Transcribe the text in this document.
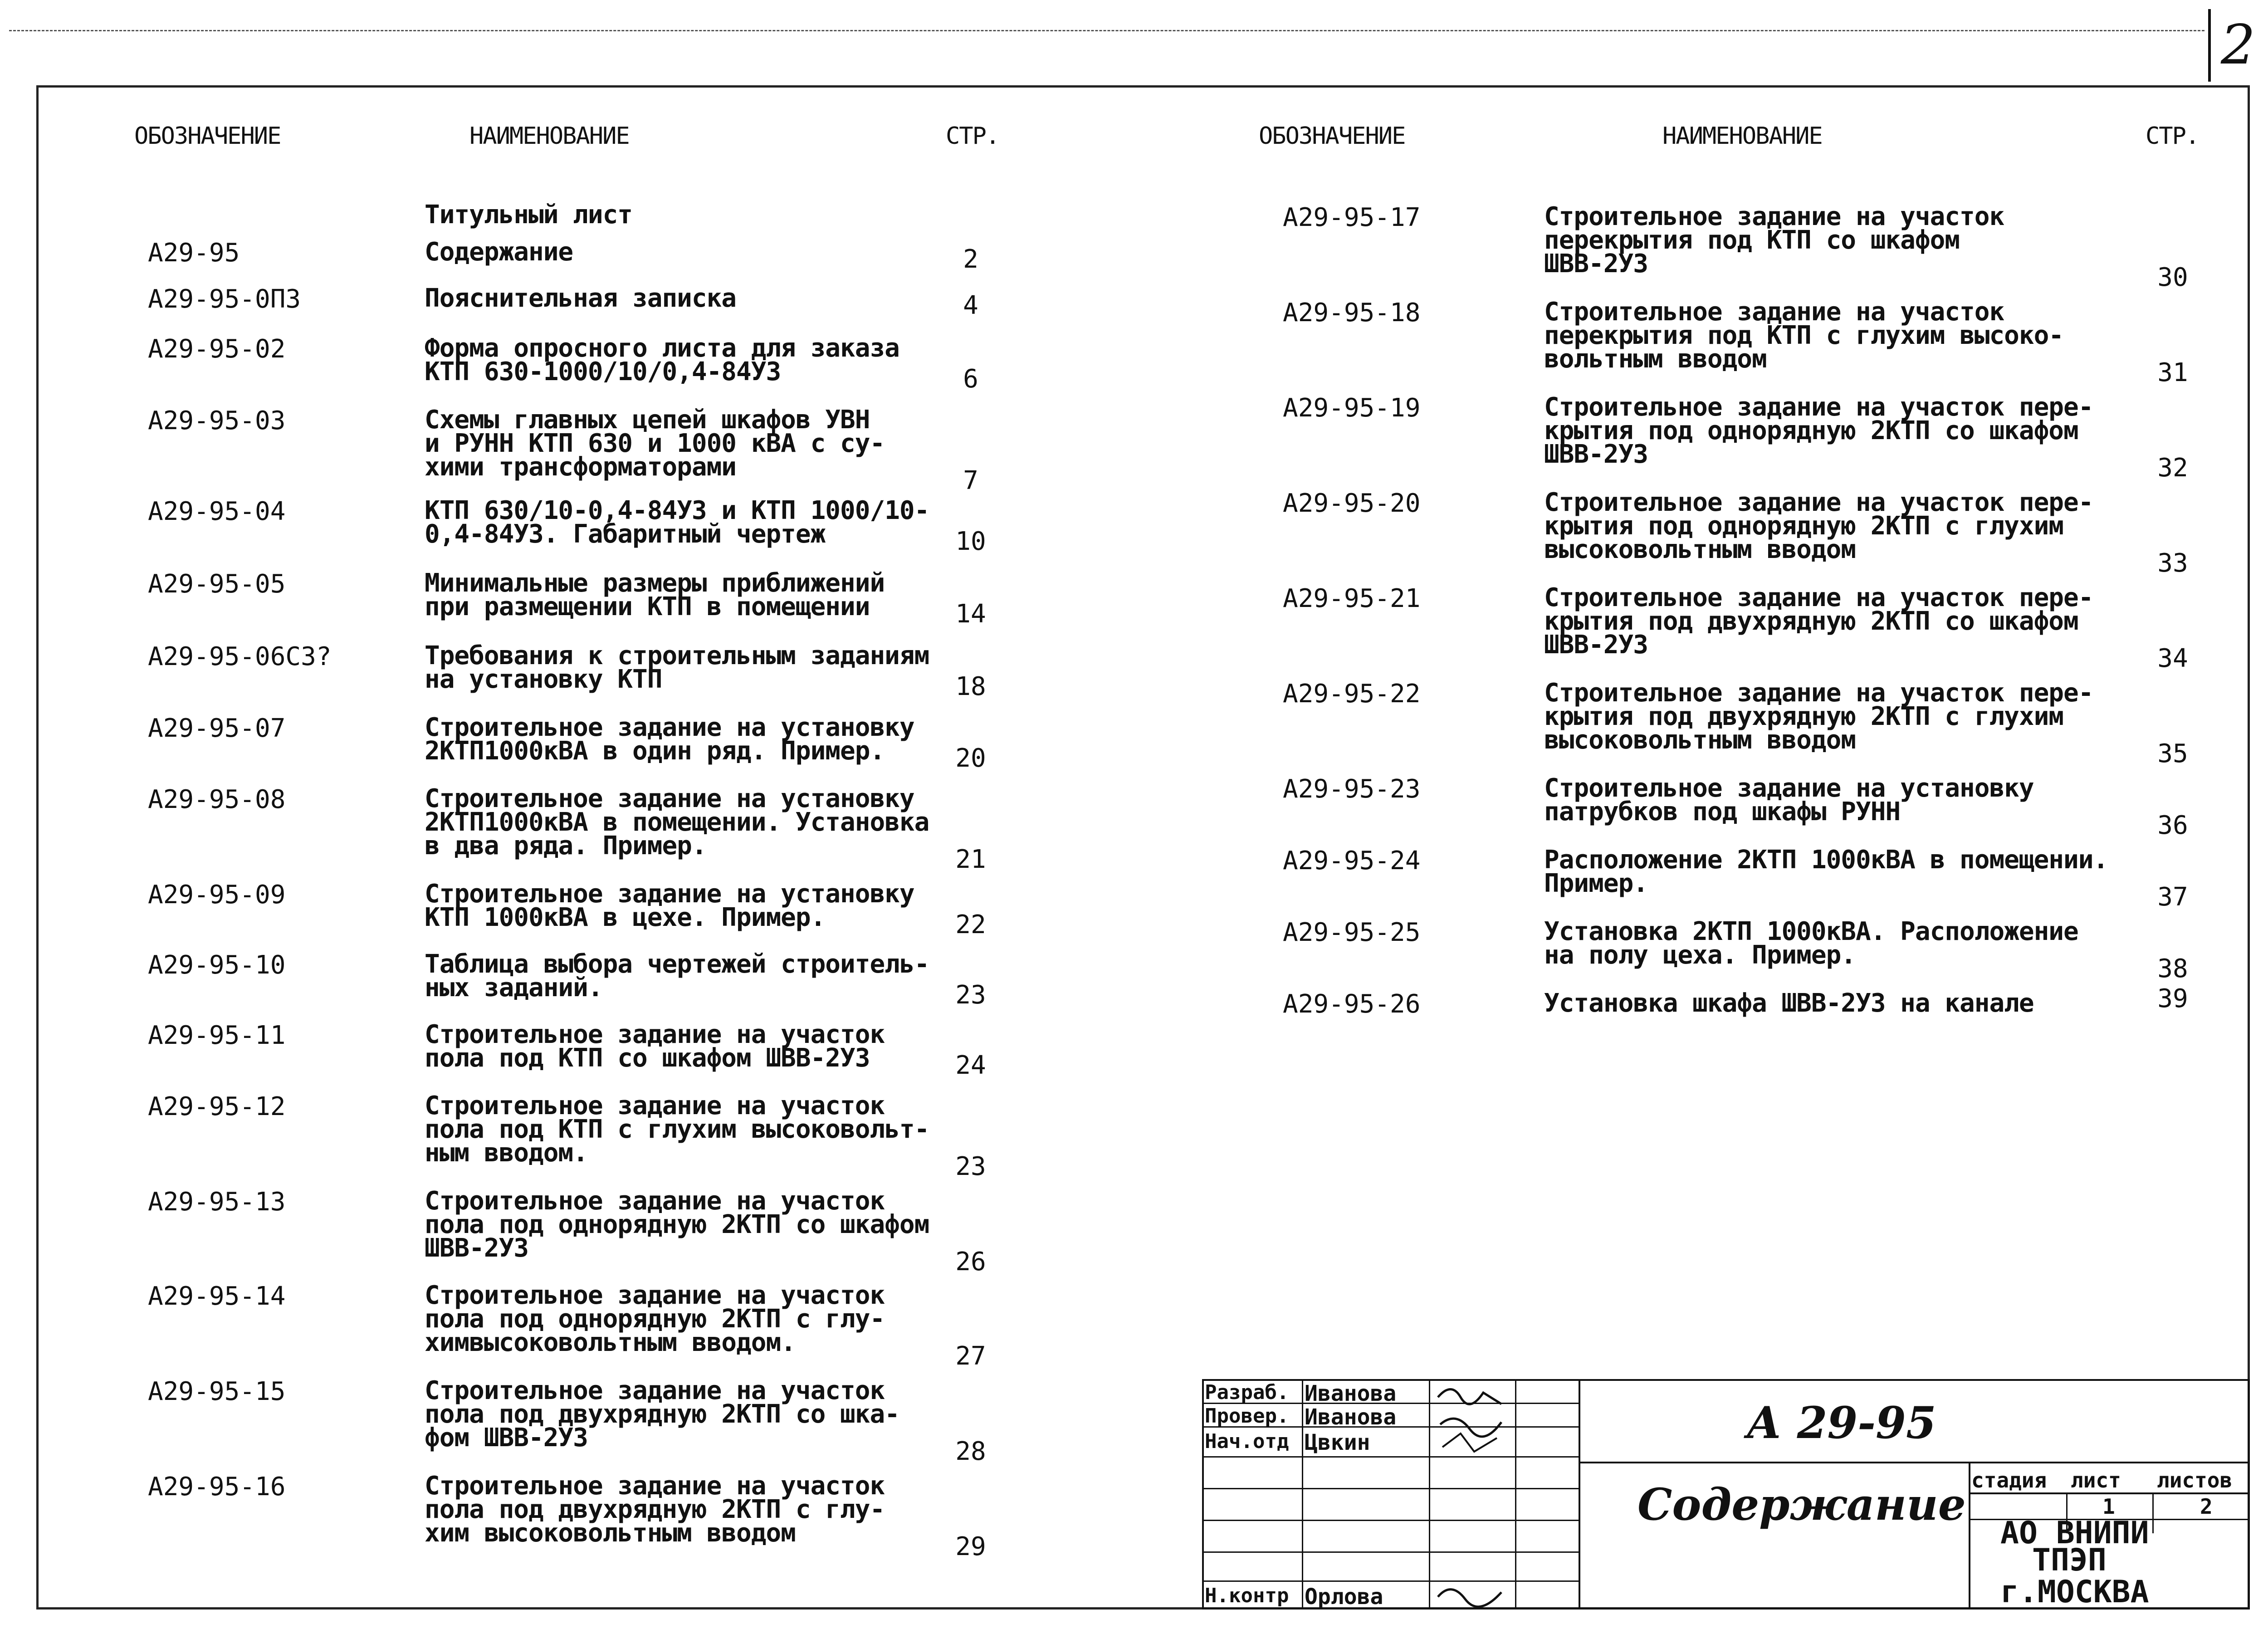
2
ОБОЗНАЧЕНИЕ	НАИМЕНОВАНИЕ	СТР.	ОБОЗНАЧЕНИЕ	НАИМЕНОВАНИЕ	СТР.
Титульный лист
А29-95	Содержание	2
А29-95-0ПЗ	Пояснительная записка	4
А29-95-02	Форма опросного листа для заказа
КТП 630-1000/10/0,4-84УЗ	6
А29-95-03	Схемы главных цепей шкафов УВН
и РУНН КТП 630 и 1000 кВА с су-
хими трансформаторами	7
А29-95-04	КТП 630/10-0,4-84УЗ и КТП 1000/10-
0,4-84УЗ. Габаритный чертеж	10
А29-95-05	Минимальные размеры приближений
при размещении КТП в помещении	14
А29-95-06СЗ?	Требования к строительным заданиям
на установку КТП	18
А29-95-07	Строительное задание на установку
2КТП1000кВА в один ряд. Пример.	20
А29-95-08	Строительное задание на установку
2КТП1000кВА в помещении. Установка
в два ряда. Пример.	21
А29-95-09	Строительное задание на установку
КТП 1000кВА в цехе. Пример.	22
А29-95-10	Таблица выбора чертежей строитель-
ных заданий.	23
А29-95-11	Строительное задание на участок
пола под КТП со шкафом ШВВ-2УЗ	24
А29-95-12	Строительное задание на участок
пола под КТП с глухим высоковольт-
ным вводом.	23
А29-95-13	Строительное задание на участок
пола под однорядную 2КТП со шкафом
ШВВ-2УЗ	26
А29-95-14	Строительное задание на участок
пола под однорядную 2КТП с глу-
химвысоковольтным вводом.	27
А29-95-15	Строительное задание на участок
пола под двухрядную 2КТП со шка-
фом ШВВ-2УЗ	28
А29-95-16	Строительное задание на участок
пола под двухрядную 2КТП с глу-
хим высоковольтным вводом	29
А29-95-17	Строительное задание на участок
перекрытия под КТП со шкафом
ШВВ-2УЗ	30
А29-95-18	Строительное задание на участок
перекрытия под КТП с глухим высоко-
вольтным вводом	31
А29-95-19	Строительное задание на участок пере-
крытия под однорядную 2КТП со шкафом
ШВВ-2УЗ	32
А29-95-20	Строительное задание на участок пере-
крытия под однорядную 2КТП с глухим
высоковольтным вводом	33
А29-95-21	Строительное задание на участок пере-
крытия под двухрядную 2КТП со шкафом
ШВВ-2УЗ	34
А29-95-22	Строительное задание на участок пере-
крытия под двухрядную 2КТП с глухим
высоковольтным вводом	35
А29-95-23	Строительное задание на установку
патрубков под шкафы РУНН	36
А29-95-24	Расположение 2КТП 1000кВА в помещении.
Пример.	37
А29-95-25	Установка 2КТП 1000кВА. Расположение
на полу цеха. Пример.	38
А29-95-26	Установка шкафа ШВВ-2УЗ на канале	39
Разраб. Иванова
Провер. Иванова
Нач.отд Цвкин
Н.контр Орлова
А 29-95
Содержание стадия лист листов
1	2
АО ВНИПИ
ТПЭП
г.МОСКВА
